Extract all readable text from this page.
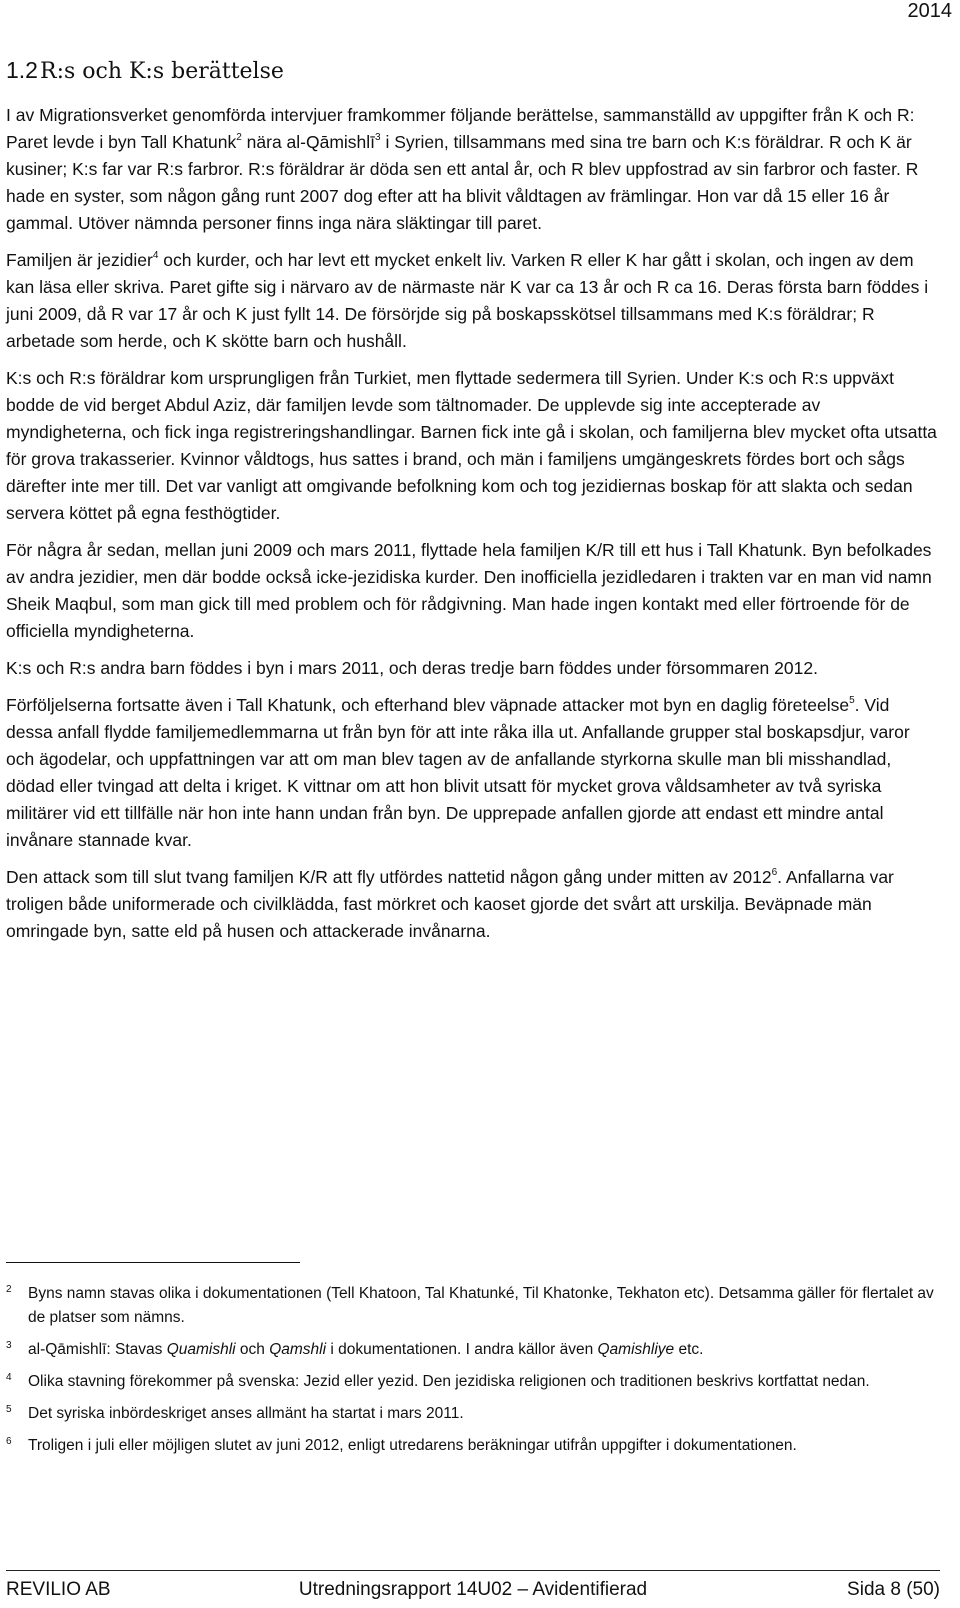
2014
1.2R:s och K:s berättelse

I av Migrationsverket genomförda intervjuer framkommer följande berättelse, sammanställd av uppgifter från K och R:

Paret levde i byn Tall Khatunk$^2$ nära al-Qāmishlī$^3$ i Syrien, tillsammans med sina tre barn och K:s föräldrar. R och K är kusiner; K:s far var R:s farbror. R:s föräldrar är döda sen ett antal år, och R blev uppfostrad av sin farbror och faster. R hade en syster, som någon gång runt 2007 dog efter att ha blivit våldtagen av främlingar. Hon var då 15 eller 16 år gammal. Utöver nämnda personer finns inga nära släktingar till paret.

Familjen är jezidier$^4$ och kurder, och har levt ett mycket enkelt liv. Varken R eller K har gått i skolan, och ingen av dem kan läsa eller skriva. Paret gifte sig i närvaro av de närmaste när K var ca 13 år och R ca 16. Deras första barn föddes i juni 2009, då R var 17 år och K just fyllt 14. De försörjde sig på boskapsskötsel tillsammans med K:s föräldrar; R arbetade som herde, och K skötte barn och hushåll.

K:s och R:s föräldrar kom ursprungligen från Turkiet, men flyttade sedermera till Syrien. Under K:s och R:s uppväxt bodde de vid berget Abdul Aziz, där familjen levde som tältnomader. De upplevde sig inte accepterade av myndigheterna, och fick inga registreringshandlingar. Barnen fick inte gå i skolan, och familjerna blev mycket ofta utsatta för grova trakasserier. Kvinnor våldtogs, hus sattes i brand, och män i familjens umgängeskrets fördes bort och sågs därefter inte mer till. Det var vanligt att omgivande befolkning kom och tog jezidiernas boskap för att slakta och sedan servera köttet på egna festhögtider.

För några år sedan, mellan juni 2009 och mars 2011, flyttade hela familjen K/R till ett hus i Tall Khatunk. Byn befolkades av andra jezidier, men där bodde också icke-jezidiska kurder. Den inofficiella jezidledaren i trakten var en man vid namn Sheik Maqbul, som man gick till med problem och för rådgivning. Man hade ingen kontakt med eller förtroende för de officiella myndigheterna.

K:s och R:s andra barn föddes i byn i mars 2011, och deras tredje barn föddes under försommaren 2012.

Förföljelserna fortsatte även i Tall Khatunk, och efterhand blev väpnade attacker mot byn en daglig företeelse$^5$. Vid dessa anfall flydde familjemedlemmarna ut från byn för att inte råka illa ut. Anfallande grupper stal boskapsdjur, varor och ägodelar, och uppfattningen var att om man blev tagen av de anfallande styrkorna skulle man bli misshandlad, dödad eller tvingad att delta i kriget. K vittnar om att hon blivit utsatt för mycket grova våldsamheter av två syriska militärer vid ett tillfälle när hon inte hann undan från byn. De upprepade anfallen gjorde att endast ett mindre antal invånare stannade kvar.

Den attack som till slut tvang familjen K/R att fly utfördes nattetid någon gång under mitten av 2012$^6$. Anfallarna var troligen både uniformerade och civilklädda, fast mörkret och kaoset gjorde det svårt att urskilja. Beväpnade män omringade byn, satte eld på husen och attackerade invånarna.

2 Byns namn stavas olika i dokumentationen (Tell Khatoon, Tal Khatunké, Til Khatonke, Tekhaton etc). Detsamma gäller för flertalet av de platser som nämns.
3 al-Qāmishlī: Stavas Quamishli och Qamshli i dokumentationen. I andra källor även Qamishliye etc.
4 Olika stavning förekommer på svenska: Jezid eller yezid. Den jezidiska religionen och traditionen beskrivs kortfattat nedan.
5 Det syriska inbördeskriget anses allmänt ha startat i mars 2011.
6 Troligen i juli eller möjligen slutet av juni 2012, enligt utredarens beräkningar utifrån uppgifter i dokumentationen.
REVILIO AB	Utredningsrapport 14U02 – Avidentifierad	Sida 8 (50)
